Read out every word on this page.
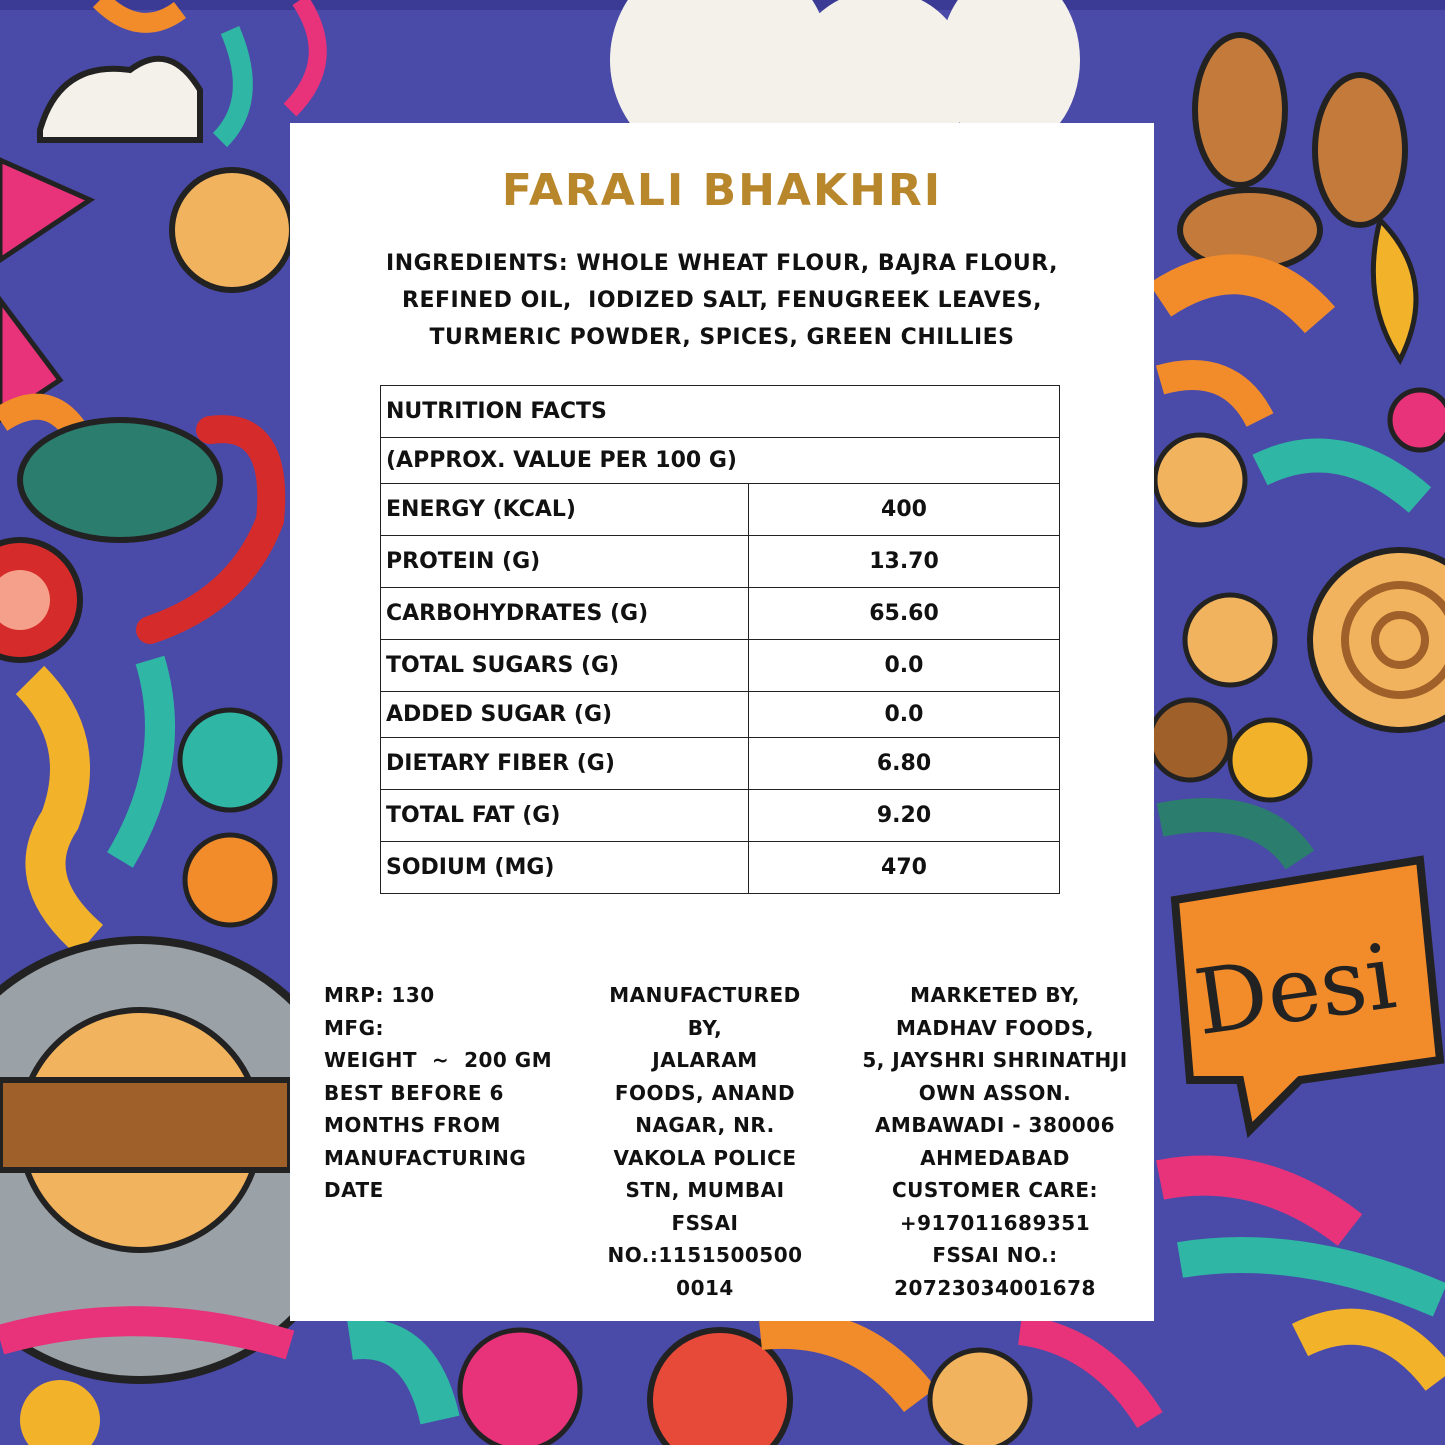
Desi
FARALI BHAKHRI
INGREDIENTS: WHOLE WHEAT FLOUR, BAJRA FLOUR,
REFINED OIL,  IODIZED SALT, FENUGREEK LEAVES,
TURMERIC POWDER, SPICES, GREEN CHILLIES
NUTRITION FACTS	
(APPROX. VALUE PER 100 G)	
ENERGY (KCAL)	400
PROTEIN (G)	13.70
CARBOHYDRATES (G)	65.60
TOTAL SUGARS (G)	0.0
ADDED SUGAR (G)	0.0
DIETARY FIBER (G)	6.80
TOTAL FAT (G)	9.20
SODIUM (MG)	470
MRP: 130
MFG:
WEIGHT  ~  200 GM
BEST BEFORE 6
MONTHS FROM
MANUFACTURING
DATE
MANUFACTURED
BY,
JALARAM
FOODS, ANAND
NAGAR, NR.
VAKOLA POLICE
STN, MUMBAI
FSSAI
NO.:1151500500
0014
MARKETED BY,
MADHAV FOODS,
5, JAYSHRI SHRINATHJI
OWN ASSON.
AMBAWADI - 380006
AHMEDABAD
CUSTOMER CARE:
+917011689351
FSSAI NO.:
20723034001678
